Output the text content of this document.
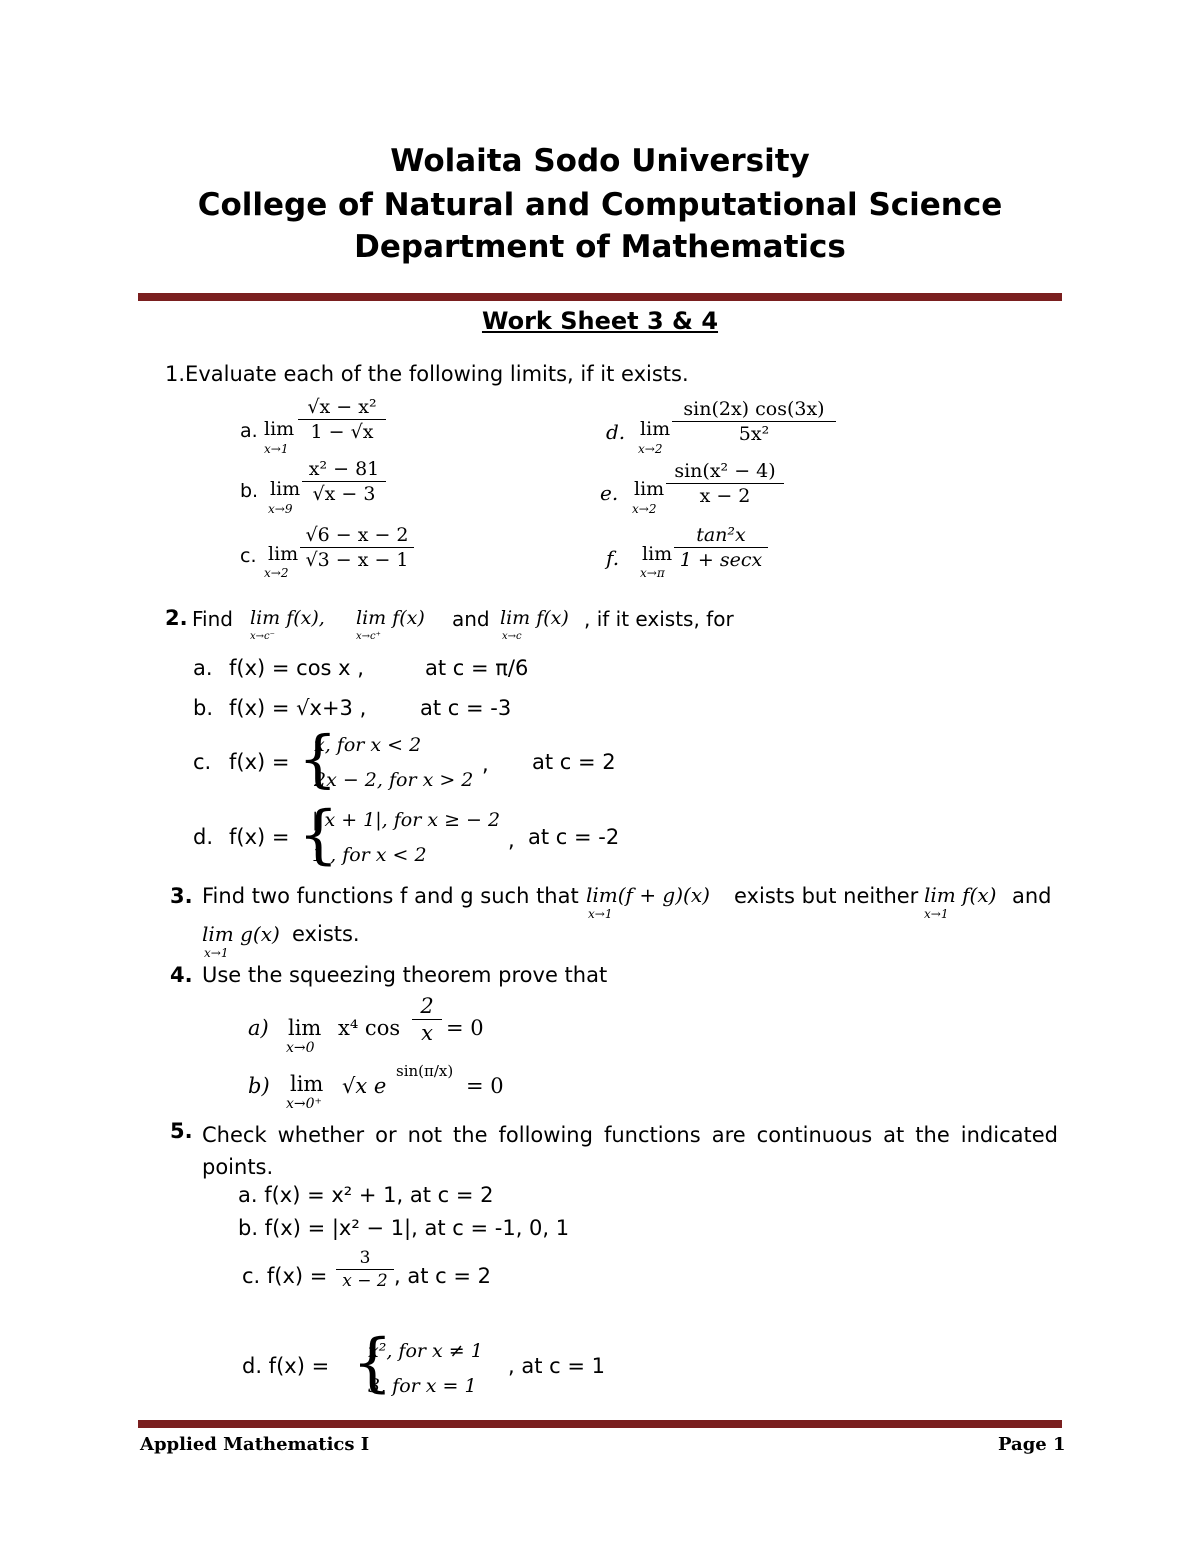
Wolaita Sodo University
College of Natural and Computational Science
Department of Mathematics
Work Sheet 3 & 4
1.Evaluate each of the following limits, if it exists.
a. lim
x→1
√x − x²
1 − √x
b. lim
x→9
x² − 81
√x − 3
c. lim
x→2
√6 − x − 2
√3 − x − 1
d. lim
x→2
sin(2x) cos(3x)
5x²
e. lim
x→2
sin(x² − 4)
x − 2
f. lim
x→π
tan²x
1 + secx
2. Find lim f(x),
x→c⁻
lim f(x)
x→c⁺
and lim f(x)
x→c
, if it exists, for
a. f(x) = cos x ,	at c = π/6
b. f(x) = √x+3 ,	at c = -3
c. f(x) = {
x, for x < 2
2x − 2, for x > 2
, at c = 2
d. f(x) = {
| x + 1|, for x ≥ − 2
1 , for x < 2
, at c = -2
3. Find two functions f and g such that lim(f + g)(x)
x→1
exists but neither lim f(x)
x→1
and
lim g(x)
x→1
exists.
4. Use the squeezing theorem prove that
a) lim
x→0
x⁴ cos
2
x = 0
b) lim
x→0⁺
√x e
sin(π/x)
= 0
5. Check whether or not the following functions are continuous at the indicated points.
a. f(x) = x² + 1, at c = 2
b. f(x) = |x² − 1|, at c = -1, 0, 1
c. f(x) =
3
x − 2 , at c = 2
d. f(x) = {
x², for x ≠ 1
3, for x = 1
, at c = 1
Applied Mathematics I	Page 1
